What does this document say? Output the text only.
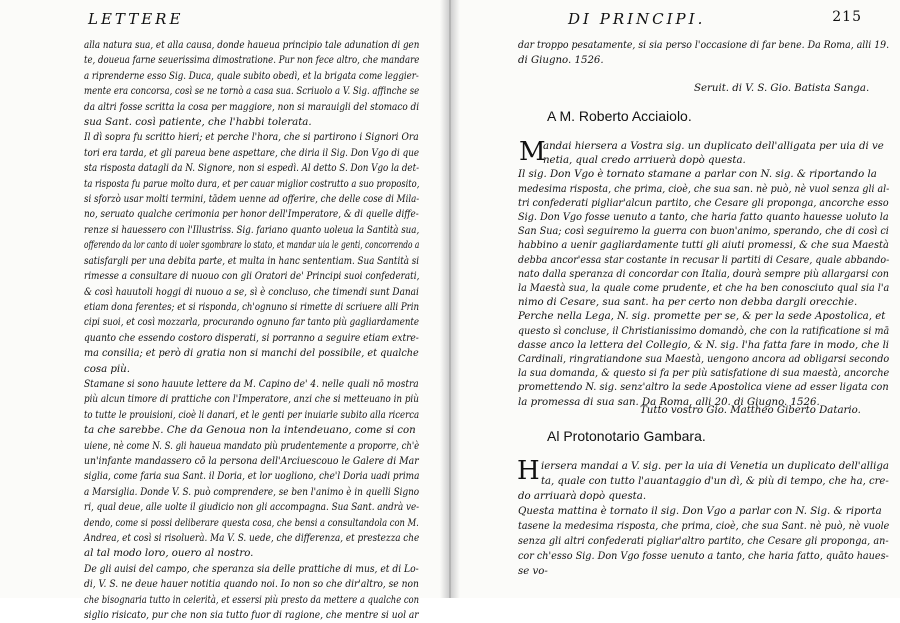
LETTERE
alla natura sua, et alla causa, donde haueua principio tale adunation di gen
te, doueua farne seuerissima dimostratione. Pur non fece altro, che mandare
a riprenderne esso Sig. Duca, quale subito obedì, et la brigata come leggier-
mente era concorsa, così se ne tornò a casa sua. Scriuolo a V. Sig. affinche se
da altri fosse scritta la cosa per maggiore, non si marauigli del stomaco di
sua Sant. così patiente, che l'habbi tolerata.
Il dì sopra fu scritto hieri; et perche l'hora, che si partirono i Signori Ora
tori era tarda, et gli pareua bene aspettare, che diria il Sig. Don Vgo di que
sta risposta datagli da N. Signore, non si espedì. Al detto S. Don Vgo la det-
ta risposta fu parue molto dura, et per cauar miglior costrutto a suo proposito,
si sforzò usar molti termini, tādem uenne ad offerire, che delle cose di Mila-
no, seruato qualche cerimonia per honor dell'Imperatore, & di quelle diffe-
renze si hauessero con l'Illustriss. Sig. fariano quanto uoleua la Santità sua,
offerendo da lor canto di uoler sgombrare lo stato, et mandar uia le genti, concorrendo a
satisfargli per una debita parte, et multa in hanc sententiam. Sua Santità si
rimesse a consultare di nuouo con gli Oratori de' Principi suoi confederati,
& così hauutoli hoggi di nuouo a se, sì è concluso, che timendi sunt Danai
etiam dona ferentes; et si risponda, ch'ognuno si rimette di scriuere alli Prin
cipi suoi, et così mozzarla, procurando ognuno far tanto più gagliardamente
quanto che essendo costoro disperati, si porranno a seguire etiam extre-
ma consilia; et però di gratia non si manchi del possibile, et qualche
cosa più.
Stamane si sono hauute lettere da M. Capino de' 4. nelle quali nō mostra
più alcun timore di prattiche con l'Imperatore, anzi che si metteuano in più
to tutte le prouisioni, cioè li danari, et le genti per inuiarle subito alla ricerca
ta che sarebbe. Che da Genoua non la intendeuano, come si con
uiene, nè come N. S. gli haueua mandato più prudentemente a proporre, ch'è
un'infante mandassero cō la persona dell'Arciuescouo le Galere di Mar
siglia, come faria sua Sant. il Doria, et lor uogliono, che'l Doria uadi prima
a Marsiglia. Donde V. S. può comprendere, se ben l'animo è in quelli Signo
ri, qual deue, alle uolte il giudicio non gli accompagna. Sua Sant. andrà ve-
dendo, come si possi deliberare questa cosa, che bensi a consultandola con M.
Andrea, et così si risoluerà. Ma V. S. uede, che differenza, et prestezza che
al tal modo loro, ouero al nostro.
De gli auisi del campo, che speranza sia delle prattiche di mus, et di Lo-
di, V. S. ne deue hauer notitia quando noi. Io non so che dir'altro, se non
che bisognaria tutto in celerità, et essersi più presto da mettere a qualche con
siglio risicato, pur che non sia tutto fuor di ragione, che mentre si uol ar
DI PRINCIPI.	215
dar troppo pesatamente, si sia perso l'occasione di far bene. Da Roma, alli 19.
di Giugno. 1526.
Seruit. di V. S. Gio. Batista Sanga.
A M. Roberto Acciaiolo.
M
andai hiersera a Vostra sig. un duplicato dell'alligata per uia di ve
netia, qual credo arriuerà dopò questa.
Il sig. Don Vgo è tornato stamane a parlar con N. sig. & riportando la
medesima risposta, che prima, cioè, che sua san. nè può, nè vuol senza gli al-
tri confederati pigliar'alcun partito, che Cesare gli proponga, ancorche esso
Sig. Don Vgo fosse uenuto a tanto, che haria fatto quanto hauesse uoluto la
San Sua; così seguiremo la guerra con buon'animo, sperando, che di così ci
habbino a uenir gagliardamente tutti gli aiuti promessi, & che sua Maestà
debba ancor'essa star costante in recusar li partiti di Cesare, quale abbando-
nato dalla speranza di concordar con Italia, dourà sempre più allargarsi con
la Maestà sua, la quale come prudente, et che ha ben conosciuto qual sia l'a
nimo di Cesare, sua sant. ha per certo non debba dargli orecchie.
Perche nella Lega, N. sig. promette per se, & per la sede Apostolica, et
questo sì concluse, il Christianissimo domandò, che con la ratificatione si mā
dasse anco la lettera del Collegio, & N. sig. l'ha fatta fare in modo, che li
Cardinali, ringratiandone sua Maestà, uengono ancora ad obligarsi secondo
la sua domanda, & questo si fa per più satisfatione di sua maestà, ancorche
promettendo N. sig. senz'altro la sede Apostolica viene ad esser ligata con
la promessa di sua san. Da Roma, alli 20. di Giugno. 1526.
Tutto vostro Gio. Mattheo Giberto Datario.
Al Protonotario Gambara.
H iersera mandai a V. sig. per la uia di Venetia un duplicato dell'alliga
ta, quale con tutto l'auantaggio d'un dì, & più di tempo, che ha, cre-
do arriuarà dopò questa.
Questa mattina è tornato il sig. Don Vgo a parlar con N. Sig. & riporta
tasene la medesima risposta, che prima, cioè, che sua Sant. nè può, nè vuole
senza gli altri confederati pigliar'altro partito, che Cesare gli proponga, an-
cor ch'esso Sig. Don Vgo fosse uenuto a tanto, che haria fatto, quāto haues-
se vo-
